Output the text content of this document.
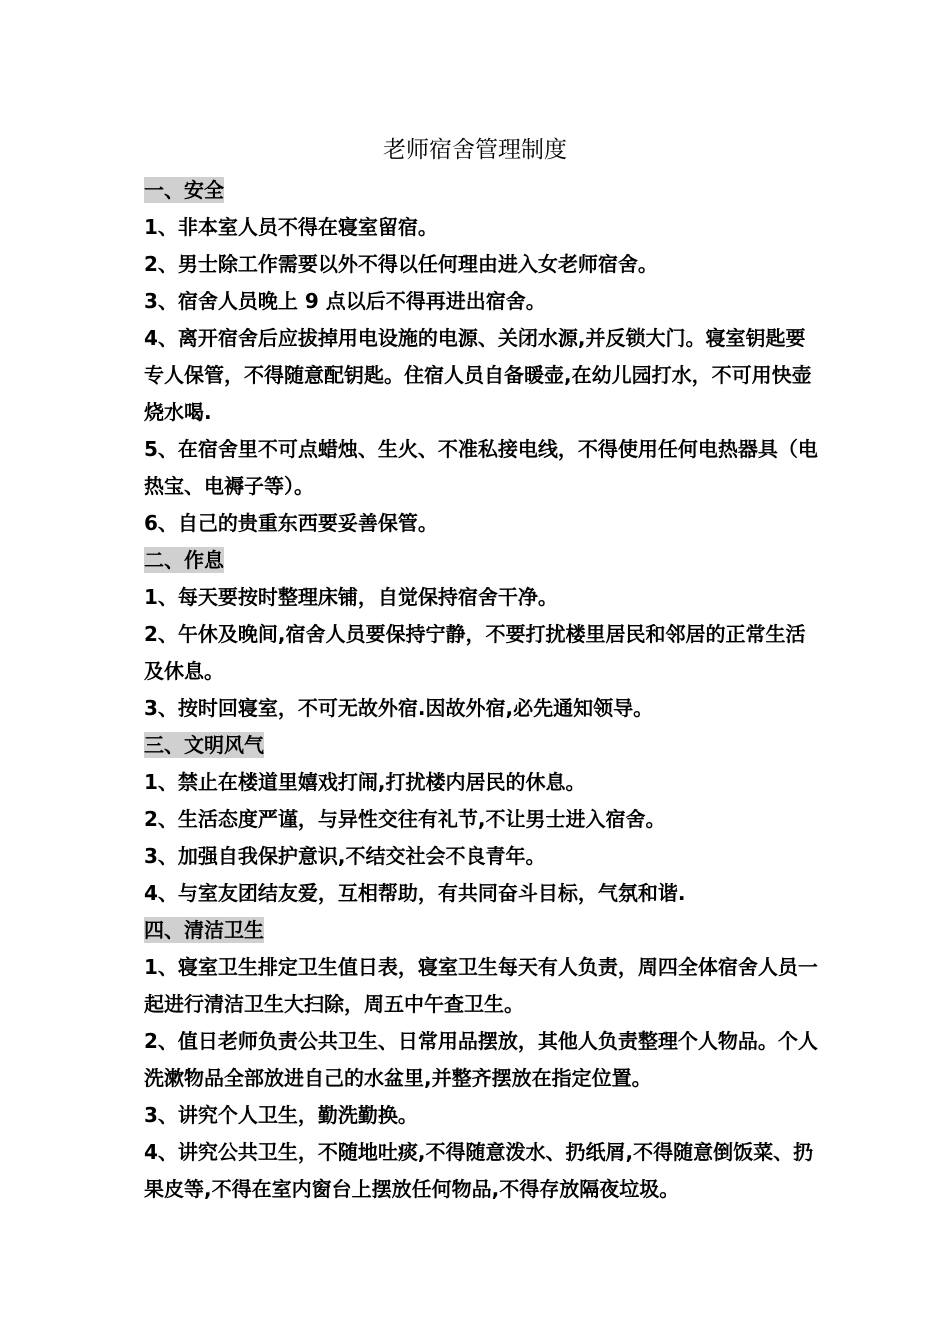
老师宿舍管理制度

一、安全

1、非本室人员不得在寝室留宿。

2、男士除工作需要以外不得以任何理由进入女老师宿舍。

3、宿舍人员晚上 9 点以后不得再进出宿舍。

4、离开宿舍后应拔掉用电设施的电源、关闭水源,并反锁大门。寝室钥匙要专人保管，不得随意配钥匙。住宿人员自备暖壶,在幼儿园打水，不可用快壶烧水喝.

5、在宿舍里不可点蜡烛、生火、不准私接电线，不得使用任何电热器具（电热宝、电褥子等）。

6、自己的贵重东西要妥善保管。

二、作息

1、每天要按时整理床铺，自觉保持宿舍干净。

2、午休及晚间,宿舍人员要保持宁静，不要打扰楼里居民和邻居的正常生活及休息。

3、按时回寝室，不可无故外宿.因故外宿,必先通知领导。

三、文明风气

1、禁止在楼道里嬉戏打闹,打扰楼内居民的休息。

2、生活态度严谨，与异性交往有礼节,不让男士进入宿舍。

3、加强自我保护意识,不结交社会不良青年。

4、与室友团结友爱，互相帮助，有共同奋斗目标，气氛和谐.

四、清洁卫生

1、寝室卫生排定卫生值日表，寝室卫生每天有人负责，周四全体宿舍人员一起进行清洁卫生大扫除，周五中午查卫生。

2、值日老师负责公共卫生、日常用品摆放，其他人负责整理个人物品。个人洗漱物品全部放进自己的水盆里,并整齐摆放在指定位置。

3、讲究个人卫生，勤洗勤换。

4、讲究公共卫生，不随地吐痰,不得随意泼水、扔纸屑,不得随意倒饭菜、扔果皮等,不得在室内窗台上摆放任何物品,不得存放隔夜垃圾。
